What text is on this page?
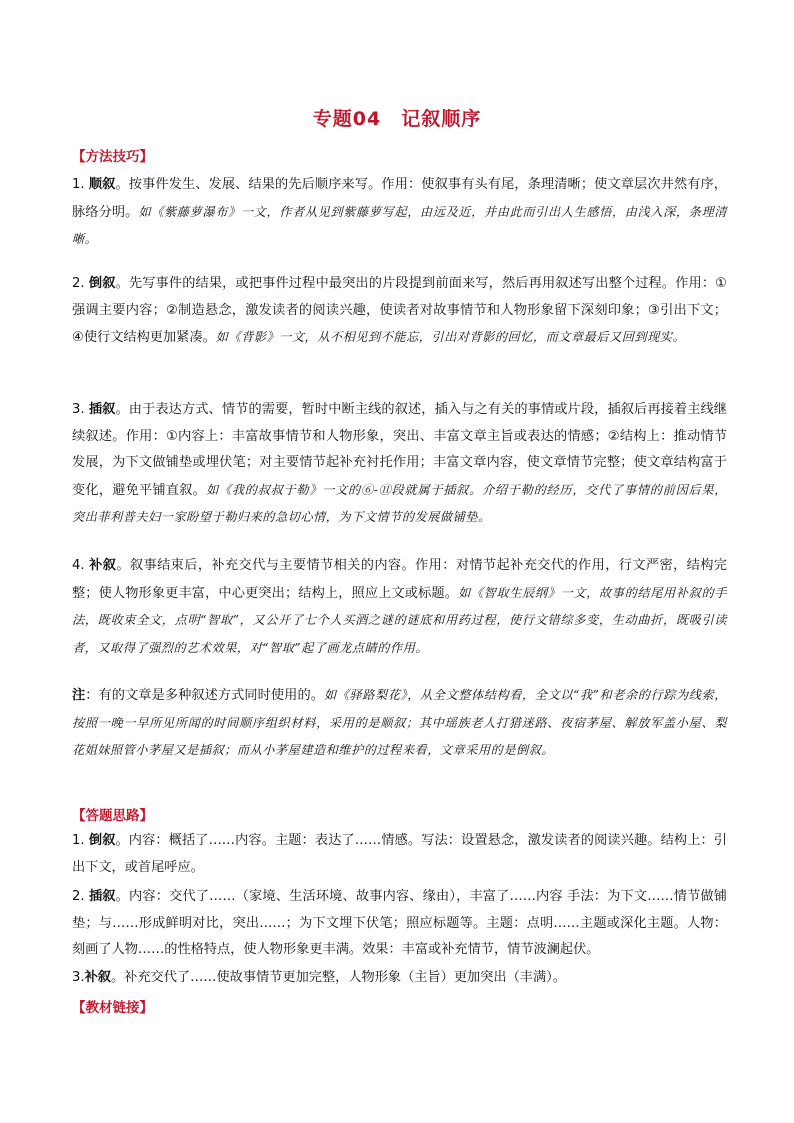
专题04　记叙顺序
【方法技巧】
1. 顺叙。按事件发生、发展、结果的先后顺序来写。作用：使叙事有头有尾，条理清晰；使文章层次井然有序，脉络分明。如《紫藤萝瀑布》一文，作者从见到紫藤萝写起，由远及近，并由此而引出人生感悟，由浅入深，条理清晰。
2. 倒叙。先写事件的结果，或把事件过程中最突出的片段提到前面来写，然后再用叙述写出整个过程。作用：①强调主要内容；②制造悬念，激发读者的阅读兴趣，使读者对故事情节和人物形象留下深刻印象；③引出下文；④使行文结构更加紧凑。如《背影》一文，从不相见到不能忘，引出对背影的回忆，而文章最后又回到现实。
3. 插叙。由于表达方式、情节的需要，暂时中断主线的叙述，插入与之有关的事情或片段，插叙后再接着主线继续叙述。作用：①内容上：丰富故事情节和人物形象，突出、丰富文章主旨或表达的情感；②结构上：推动情节发展，为下文做铺垫或埋伏笔；对主要情节起补充衬托作用；丰富文章内容，使文章情节完整；使文章结构富于变化，避免平铺直叙。如《我的叔叔于勒》一文的⑥-⑪段就属于插叙。介绍于勒的经历，交代了事情的前因后果，突出菲利普夫妇一家盼望于勒归来的急切心情，为下文情节的发展做铺垫。
4. 补叙。叙事结束后，补充交代与主要情节相关的内容。作用：对情节起补充交代的作用，行文严密，结构完整；使人物形象更丰富，中心更突出；结构上，照应上文或标题。如《智取生辰纲》一文，故事的结尾用补叙的手法，既收束全文，点明“智取”，又公开了七个人买酒之谜的谜底和用药过程，使行文错综多变，生动曲折，既吸引读者，又取得了强烈的艺术效果，对“智取”起了画龙点睛的作用。
注：有的文章是多种叙述方式同时使用的。如《驿路梨花》，从全文整体结构看，全文以“我”和老余的行踪为线索，按照一晚一早所见所闻的时间顺序组织材料，采用的是顺叙；其中瑶族老人打猎迷路、夜宿茅屋、解放军盖小屋、梨花姐妹照管小茅屋又是插叙；而从小茅屋建造和维护的过程来看，文章采用的是倒叙。
【答题思路】
1. 倒叙。内容：概括了……内容。主题：表达了……情感。写法：设置悬念，激发读者的阅读兴趣。结构上：引出下文，或首尾呼应。
2. 插叙。内容：交代了……（家境、生活环境、故事内容、缘由），丰富了……内容 手法：为下文……情节做铺垫；与……形成鲜明对比，突出……；为下文埋下伏笔；照应标题等。主题：点明……主题或深化主题。人物：刻画了人物……的性格特点，使人物形象更丰满。效果：丰富或补充情节，情节波澜起伏。
3.补叙。补充交代了……使故事情节更加完整，人物形象（主旨）更加突出（丰满）。
【教材链接】
